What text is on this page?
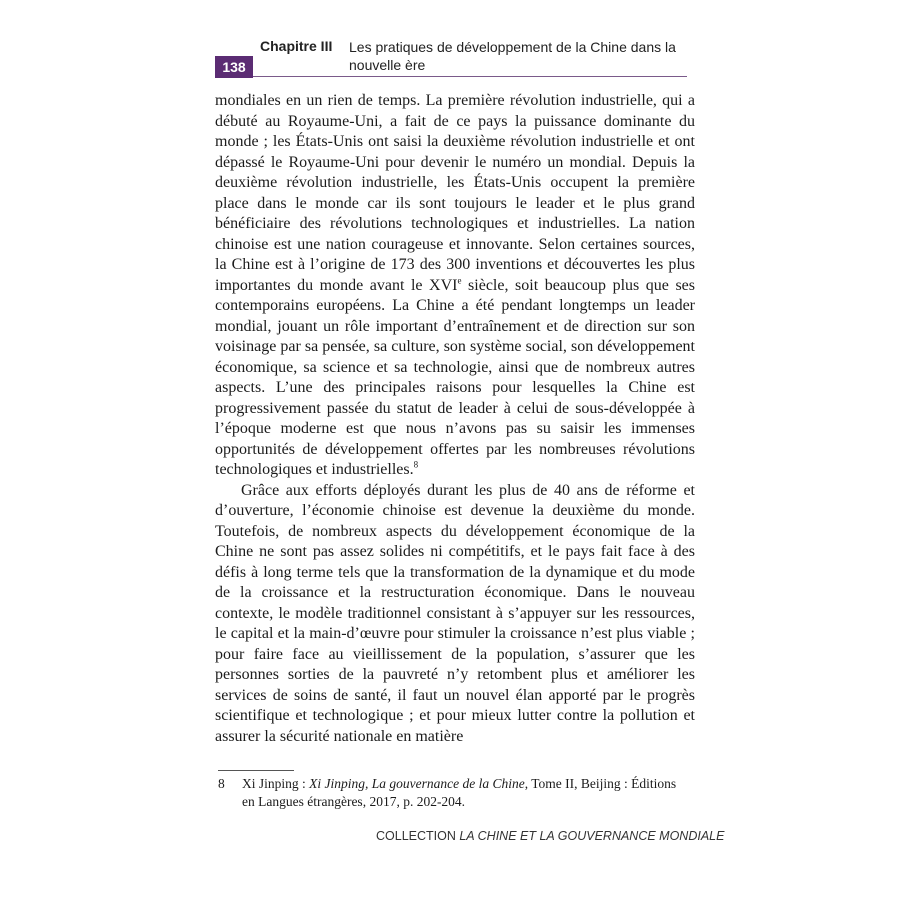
138
Chapitre III Les pratiques de développement de la Chine dans la nouvelle ère

mondiales en un rien de temps. La première révolution industrielle, qui a débuté au Royaume-Uni, a fait de ce pays la puissance dominante du monde ; les États-Unis ont saisi la deuxième révolution industrielle et ont dépassé le Royaume-Uni pour devenir le numéro un mondial. Depuis la deuxième révolution industrielle, les États-Unis occupent la première place dans le monde car ils sont toujours le leader et le plus grand bénéficiaire des révolutions technologiques et industrielles. La nation chinoise est une nation courageuse et innovante. Selon certaines sources, la Chine est à l’origine de 173 des 300 inventions et découvertes les plus importantes du monde avant le XVIe siècle, soit beaucoup plus que ses contemporains européens. La Chine a été pendant longtemps un leader mondial, jouant un rôle important d’entraînement et de direction sur son voisinage par sa pensée, sa culture, son système social, son développement économique, sa science et sa technologie, ainsi que de nombreux autres aspects. L’une des principales raisons pour lesquelles la Chine est progressivement passée du statut de leader à celui de sous-développée à l’époque moderne est que nous n’avons pas su saisir les immenses opportunités de développement offertes par les nombreuses révolutions technologiques et industrielles.$^8$

Grâce aux efforts déployés durant les plus de 40 ans de réforme et d’ouverture, l’économie chinoise est devenue la deuxième du monde. Toutefois, de nombreux aspects du développement économique de la Chine ne sont pas assez solides ni compétitifs, et le pays fait face à des défis à long terme tels que la transformation de la dynamique et du mode de la croissance et la restructuration économique. Dans le nouveau contexte, le modèle traditionnel consistant à s’appuyer sur les ressources, le capital et la main-d’œuvre pour stimuler la croissance n’est plus viable ; pour faire face au vieillissement de la population, s’assurer que les personnes sorties de la pauvreté n’y retombent plus et améliorer les services de soins de santé, il faut un nouvel élan apporté par le progrès scientifique et technologique ; et pour mieux lutter contre la pollution et assurer la sécurité nationale en matière

8 Xi Jinping : Xi Jinping, La gouvernance de la Chine, Tome II, Beijing : Éditions
en Langues étrangères, 2017, p. 202-204.
COLLECTION LA CHINE ET LA GOUVERNANCE MONDIALE
